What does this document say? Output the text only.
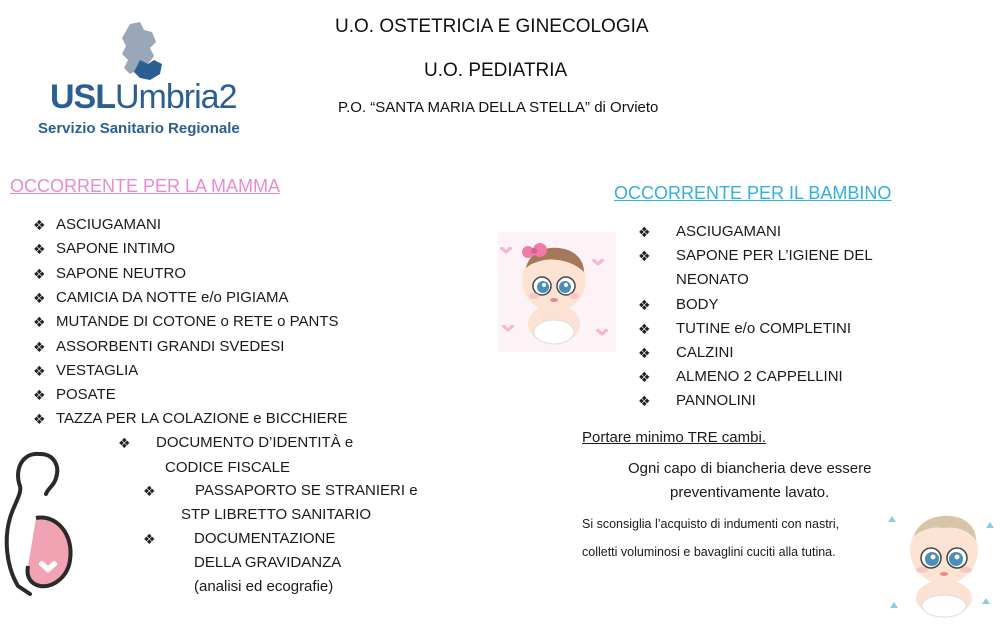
USLUmbria2
Servizio Sanitario Regionale
U.O. OSTETRICIA E GINECOLOGIA
U.O. PEDIATRIA
P.O. “SANTA MARIA DELLA STELLA” di Orvieto
OCCORRENTE PER LA MAMMA
❖ ASCIUGAMANI
❖ SAPONE INTIMO
❖ SAPONE NEUTRO
❖ CAMICIA DA NOTTE e/o PIGIAMA
❖ MUTANDE DI COTONE o RETE o PANTS
❖ ASSORBENTI GRANDI SVEDESI
❖ VESTAGLIA
❖ POSATE
❖ TAZZA PER LA COLAZIONE e BICCHIERE
❖ DOCUMENTO D’IDENTITÀ e
CODICE FISCALE
❖	PASSAPORTO SE STRANIERI e
STP LIBRETTO SANITARIO
❖	DOCUMENTAZIONE
DELLA GRAVIDANZA
(analisi ed ecografie)
OCCORRENTE PER IL BAMBINO
❖ ASCIUGAMANI
❖ SAPONE PER L’IGIENE DEL
NEONATO
❖ BODY
❖ TUTINE e/o COMPLETINI
❖ CALZINI
❖ ALMENO 2 CAPPELLINI
❖ PANNOLINI
Portare minimo TRE cambi.
Ogni capo di biancheria deve essere
preventivamente lavato.
Si sconsiglia l’acquisto di indumenti con nastri,
colletti voluminosi e bavaglini cuciti alla tutina.
